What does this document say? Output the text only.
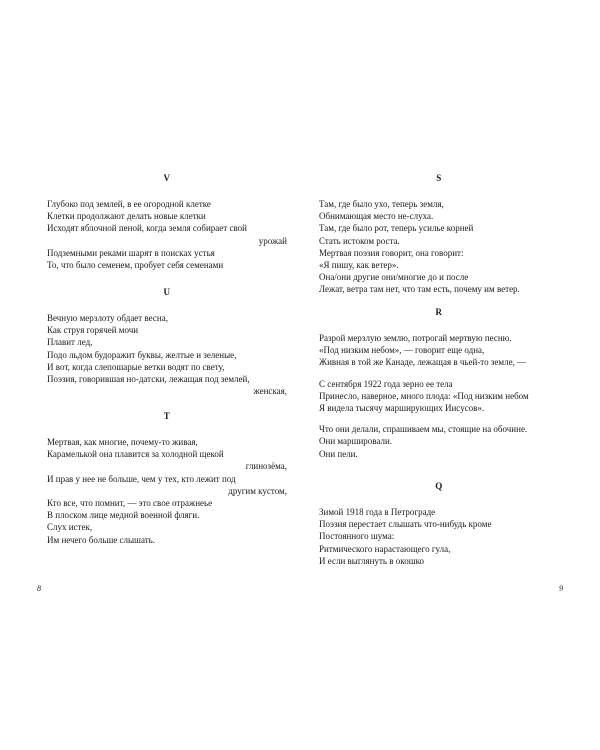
V
Глубоко под землей, в ее огородной клетке
Клетки продолжают делать новые клетки
Исходят яблочной пеной, когда земля собирает свой
урожай
Подземными реками шарят в поисках устья
То, что было семенем, пробует себя семенами
U
Вечную мерзлоту обдает весна,
Как струя горячей мочи
Плавит лед,
Подо льдом будоражит буквы, желтые и зеленые,
И вот, когда слепошарые ветки водят по свету,
Поэзия, говорившая но-датски, лежащая под землей,
женская,
T
Мертвая, как многие, почему-то живая,
Карамелькой она плавится за холодной щекой
глинозёма,
И прав у нее не больше, чем у тех, кто лежит под
другим кустом,
Кто все, что помнит, — это свое отражнеье
В плоском лице медной военной фляги.
Слух истек,
Им нечего больше слышать.
S
Там, где было ухо, теперь земля,
Обнимающая место не-слуха.
Там, где было рот, теперь усилье корней
Стать истоком роста.
Мертвая поэзия говорит, она говорит:
«Я пишу, как ветер».
Она/они другие они/многие до и после
Лежат, ветра там нет, что там есть, почему им ветер.
R
Разрой мерзлую землю, потрогай мертвую песню.
«Под низким небом», — говорит еще одна,
Живная в той же Канаде, лежащая в чьей-то земле, —
С сентября 1922 года зерно ее тела
Принесло, наверное, много плода: «Под низким небом
Я видела тысячу марширующих Иисусов».
Что они делали, спрашиваем мы, стоящие на обочине.
Они маршировали.
Они пели.
Q
Зимой 1918 года в Петрограде
Поэзия перестает слышать что-нибудь кроме
Постоянного шума:
Ритмического нарастающего гула,
И если выглянуть в окошко
8	9
